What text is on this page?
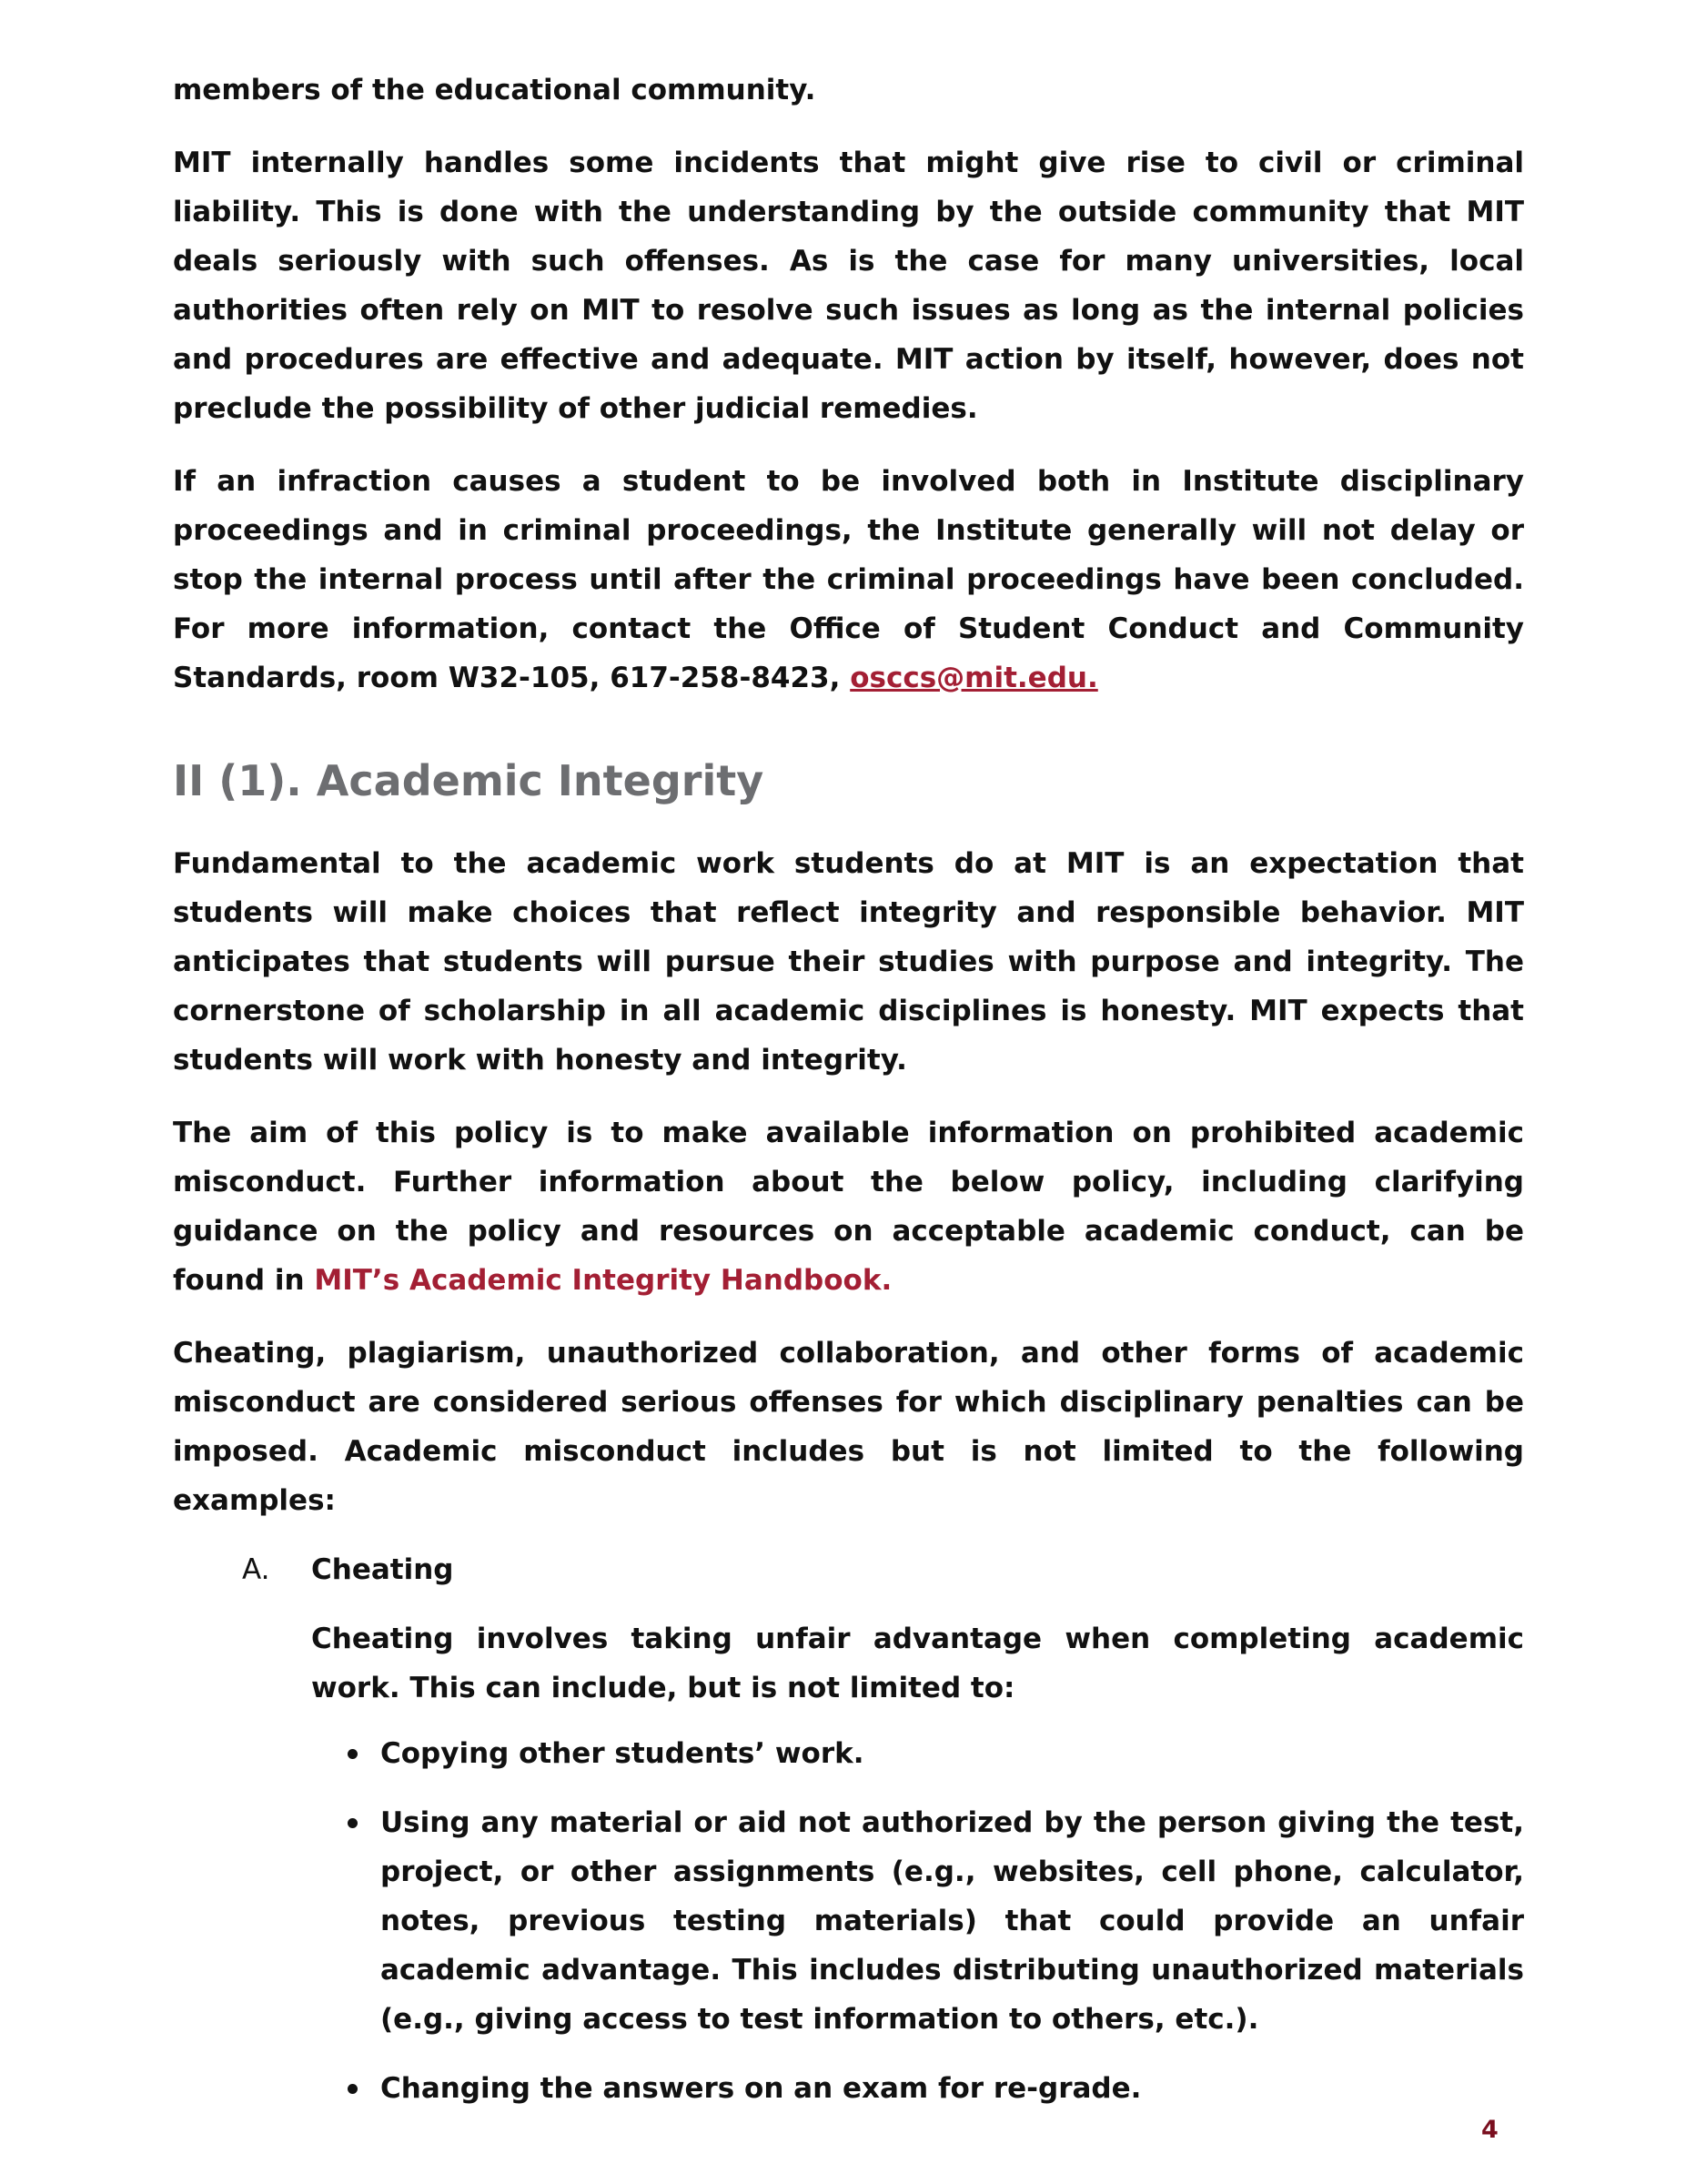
members of the educational community.

MIT internally handles some incidents that might give rise to civil or criminal liability. This is done with the understanding by the outside community that MIT deals seriously with such offenses. As is the case for many universities, local authorities often rely on MIT to resolve such issues as long as the internal policies and procedures are effective and adequate. MIT action by itself, however, does not preclude the possibility of other judicial remedies.

If an infraction causes a student to be involved both in Institute disciplinary proceedings and in criminal proceedings, the Institute generally will not delay or stop the internal process until after the criminal proceedings have been concluded. For more information, contact the Office of Student Conduct and Community Standards, room W32-105, 617-258-8423, osccs@mit.edu.

II (1). Academic Integrity

Fundamental to the academic work students do at MIT is an expectation that students will make choices that reflect integrity and responsible behavior. MIT anticipates that students will pursue their studies with purpose and integrity. The cornerstone of scholarship in all academic disciplines is honesty. MIT expects that students will work with honesty and integrity.

The aim of this policy is to make available information on prohibited academic misconduct. Further information about the below policy, including clarifying guidance on the policy and resources on acceptable academic conduct, can be found in MIT’s Academic Integrity Handbook.

Cheating, plagiarism, unauthorized collaboration, and other forms of academic misconduct are considered serious offenses for which disciplinary penalties can be imposed. Academic misconduct includes but is not limited to the following examples:

A. Cheating

Cheating involves taking unfair advantage when completing academic work. This can include, but is not limited to:

Copying other students’ work.
Using any material or aid not authorized by the person giving the test, project, or other assignments (e.g., websites, cell phone, calculator, notes, previous testing materials) that could provide an unfair academic advantage. This includes distributing unauthorized materials (e.g., giving access to test information to others, etc.).
Changing the answers on an exam for re-grade.
4
